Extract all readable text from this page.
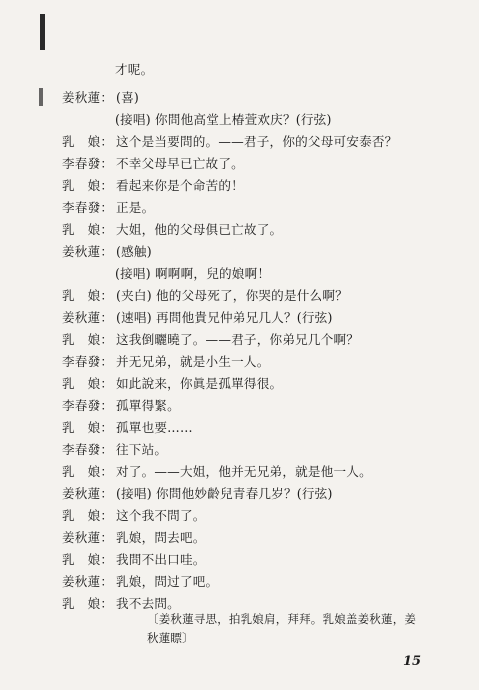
才呢。
姜秋蓮： (喜)
(接唱) 你問他高堂上椿萱欢庆？(行弦)
乳　娘： 这个是当要問的。——君子，你的父母可安泰否？
李春發： 不幸父母早已亡故了。
乳　娘： 看起来你是个命苦的！
李春發： 正是。
乳　娘： 大姐，他的父母俱已亡故了。
姜秋蓮： (感触)
(接唱) 啊啊啊，兒的娘啊！
乳　娘： (夹白) 他的父母死了，你哭的是什么啊？
姜秋蓮： (速唱) 再問他貴兄仲弟兄几人？(行弦)
乳　娘： 这我倒曬曉了。——君子，你弟兄几个啊？
李春發： 并无兄弟，就是小生一人。
乳　娘： 如此說来，你眞是孤單得很。
李春發： 孤單得緊。
乳　娘： 孤單也要……
李春發： 往下站。
乳　娘： 对了。——大姐，他并无兄弟，就是他一人。
姜秋蓮： (接唱) 你問他妙齡兒青春几岁？(行弦)
乳　娘： 这个我不問了。
姜秋蓮： 乳娘，問去吧。
乳　娘： 我問不出口哇。
姜秋蓮： 乳娘，問过了吧。
乳　娘： 我不去問。
〔姜秋蓮寻思，拍乳娘肩，拜拜。乳娘盖姜秋蓮，姜
秋蓮瞟〕
15
